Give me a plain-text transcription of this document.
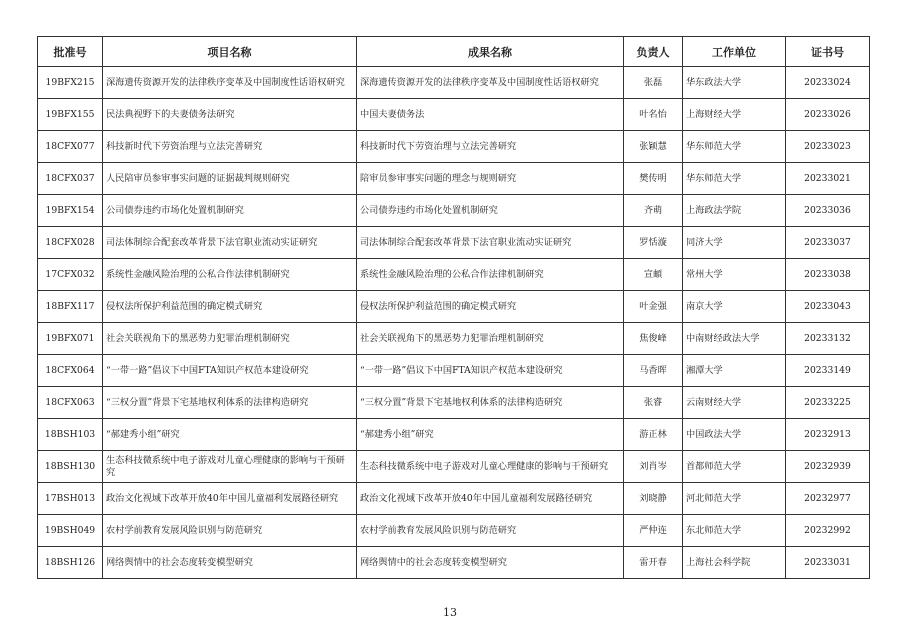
批准号	项目名称	成果名称	负责人	工作单位	证书号
19BFX215	深海遗传资源开发的法律秩序变革及中国制度性话语权研究	深海遗传资源开发的法律秩序变革及中国制度性话语权研究	张磊	华东政法大学	20233024
19BFX155	民法典视野下的夫妻债务法研究	中国夫妻债务法	叶名怡	上海财经大学	20233026
18CFX077	科技新时代下劳资治理与立法完善研究	科技新时代下劳资治理与立法完善研究	张颖慧	华东师范大学	20233023
18CFX037	人民陪审员参审事实问题的证据裁判规则研究	陪审员参审事实问题的理念与规则研究	樊传明	华东师范大学	20233021
19BFX154	公司债券违约市场化处置机制研究	公司债券违约市场化处置机制研究	齐萌	上海政法学院	20233036
18CFX028	司法体制综合配套改革背景下法官职业流动实证研究	司法体制综合配套改革背景下法官职业流动实证研究	罗恬漩	同济大学	20233037
17CFX032	系统性金融风险治理的公私合作法律机制研究	系统性金融风险治理的公私合作法律机制研究	宣頔	常州大学	20233038
18BFX117	侵权法所保护利益范围的确定模式研究	侵权法所保护利益范围的确定模式研究	叶金强	南京大学	20233043
19BFX071	社会关联视角下的黑恶势力犯罪治理机制研究	社会关联视角下的黑恶势力犯罪治理机制研究	焦俊峰	中南财经政法大学	20233132
18CFX064	“一带一路”倡议下中国FTA知识产权范本建设研究	“一带一路”倡议下中国FTA知识产权范本建设研究	马香晖	湘潭大学	20233149
18CFX063	“三权分置”背景下宅基地权利体系的法律构造研究	“三权分置”背景下宅基地权利体系的法律构造研究	张睿	云南财经大学	20233225
18BSH103	“郝建秀小组”研究	“郝建秀小组”研究	游正林	中国政法大学	20232913
18BSH130	生态科技微系统中电子游戏对儿童心理健康的影响与干预研究	生态科技微系统中电子游戏对儿童心理健康的影响与干预研究	刘肖岑	首都师范大学	20232939
17BSH013	政治文化视域下改革开放40年中国儿童福利发展路径研究	政治文化视域下改革开放40年中国儿童福利发展路径研究	刘晓静	河北师范大学	20232977
19BSH049	农村学前教育发展风险识别与防范研究	农村学前教育发展风险识别与防范研究	严仲连	东北师范大学	20232992
18BSH126	网络舆情中的社会态度转变模型研究	网络舆情中的社会态度转变模型研究	雷开春	上海社会科学院	20233031
13
